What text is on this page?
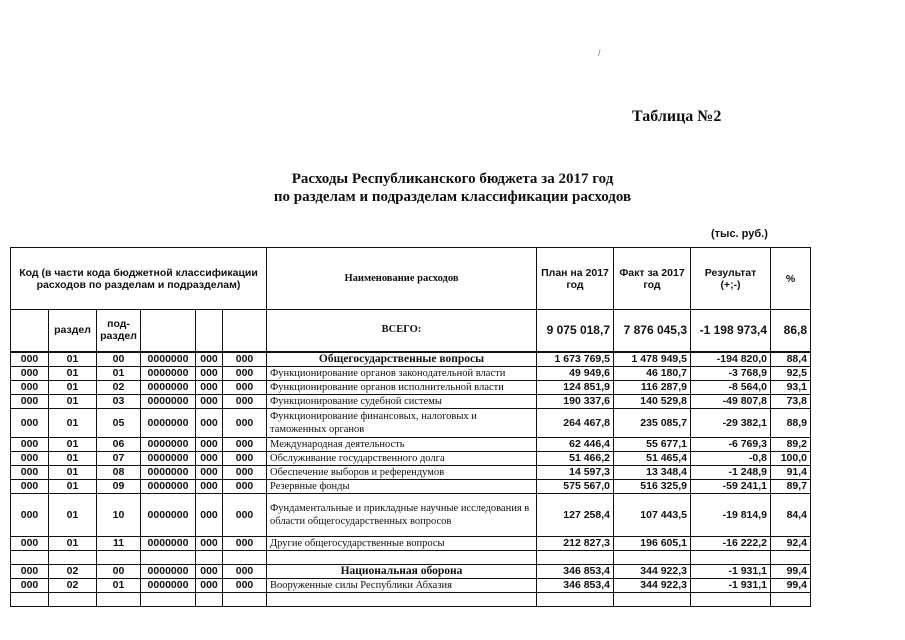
/
Таблица №2
Расходы Республиканского бюджета за 2017 год
по разделам и подразделам классификации расходов
(тыс. руб.)
Код (в части кода бюджетной классификации расходов по разделам и подразделам)						Наименование расходов	План на 2017 год	Факт за 2017 год	Результат (+;-)	%
	раздел	под-раздел				ВСЕГО:	9 075 018,7	7 876 045,3	-1 198 973,4	86,8
000	01	00	0000000	000	000	Общегосударственные вопросы	1 673 769,5	1 478 949,5	-194 820,0	88,4
000	01	01	0000000	000	000	Функционирование органов законодательной власти	49 949,6	46 180,7	-3 768,9	92,5
000	01	02	0000000	000	000	Функционирование органов исполнительной власти	124 851,9	116 287,9	-8 564,0	93,1
000	01	03	0000000	000	000	Функционирование судебной системы	190 337,6	140 529,8	-49 807,8	73,8
000	01	05	0000000	000	000	Функционирование финансовых, налоговых и таможенных органов	264 467,8	235 085,7	-29 382,1	88,9
000	01	06	0000000	000	000	Международная деятельность	62 446,4	55 677,1	-6 769,3	89,2
000	01	07	0000000	000	000	Обслуживание государственного долга	51 466,2	51 465,4	-0,8	100,0
000	01	08	0000000	000	000	Обеспечение выборов и референдумов	14 597,3	13 348,4	-1 248,9	91,4
000	01	09	0000000	000	000	Резервные фонды	575 567,0	516 325,9	-59 241,1	89,7
000	01	10	0000000	000	000	Фундаментальные и прикладные научные исследования в области общегосударственных вопросов	127 258,4	107 443,5	-19 814,9	84,4
000	01	11	0000000	000	000	Другие общегосударственные вопросы	212 827,3	196 605,1	-16 222,2	92,4

000	02	00	0000000	000	000	Национальная оборона	346 853,4	344 922,3	-1 931,1	99,4
000	02	01	0000000	000	000	Вооруженные силы Республики Абхазия	346 853,4	344 922,3	-1 931,1	99,4
